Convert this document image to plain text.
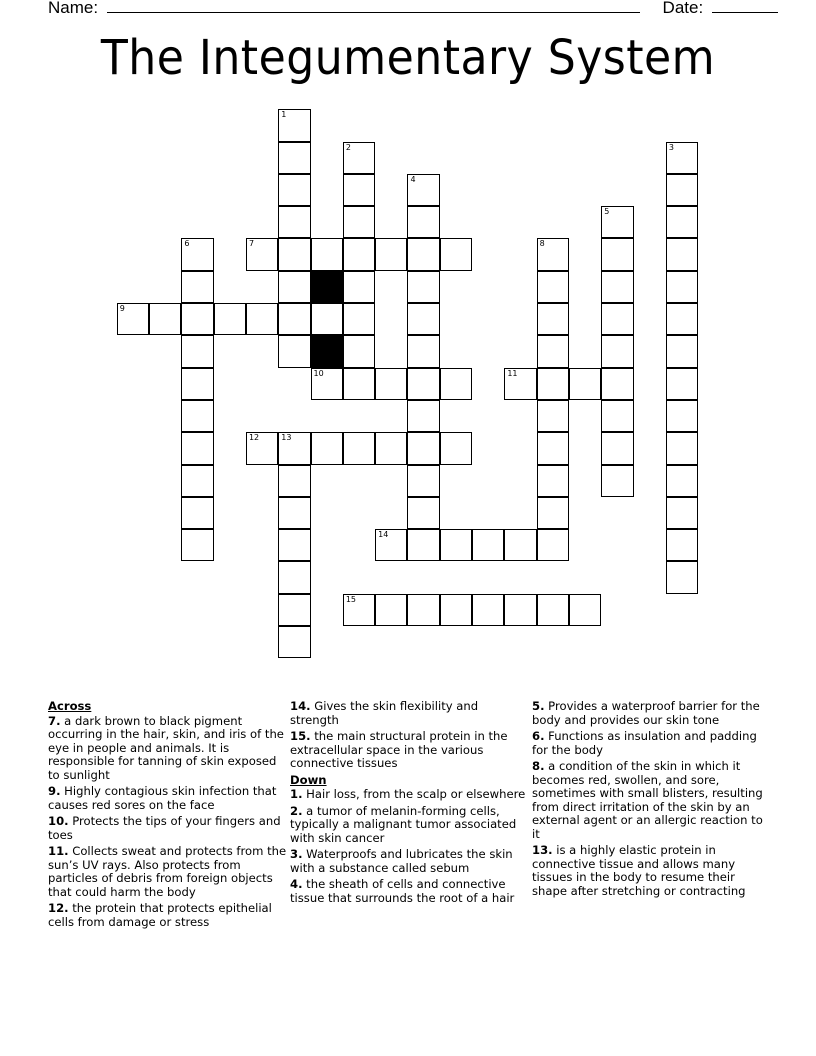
Name:	Date:
The Integumentary System
1
2	3
4
5
6	7	8
9
10	11
12	13
14
15
Across
7. a dark brown to black pigment occurring in the hair, skin, and iris of the eye in people and animals. It is responsible for tanning of skin exposed to sunlight
9. Highly contagious skin infection that causes red sores on the face
10. Protects the tips of your fingers and toes
11. Collects sweat and protects from the sun’s UV rays. Also protects from particles of debris from foreign objects that could harm the body
12. the protein that protects epithelial cells from damage or stress
14. Gives the skin flexibility and strength
15. the main structural protein in the extracellular space in the various connective tissues
Down
1. Hair loss, from the scalp or elsewhere
2. a tumor of melanin-forming cells, typically a malignant tumor associated with skin cancer
3. Waterproofs and lubricates the skin with a substance called sebum
4. the sheath of cells and connective tissue that surrounds the root of a hair
5. Provides a waterproof barrier for the body and provides our skin tone
6. Functions as insulation and padding for the body
8. a condition of the skin in which it becomes red, swollen, and sore, sometimes with small blisters, resulting from direct irritation of the skin by an external agent or an allergic reaction to it
13. is a highly elastic protein in connective tissue and allows many tissues in the body to resume their shape after stretching or contracting
